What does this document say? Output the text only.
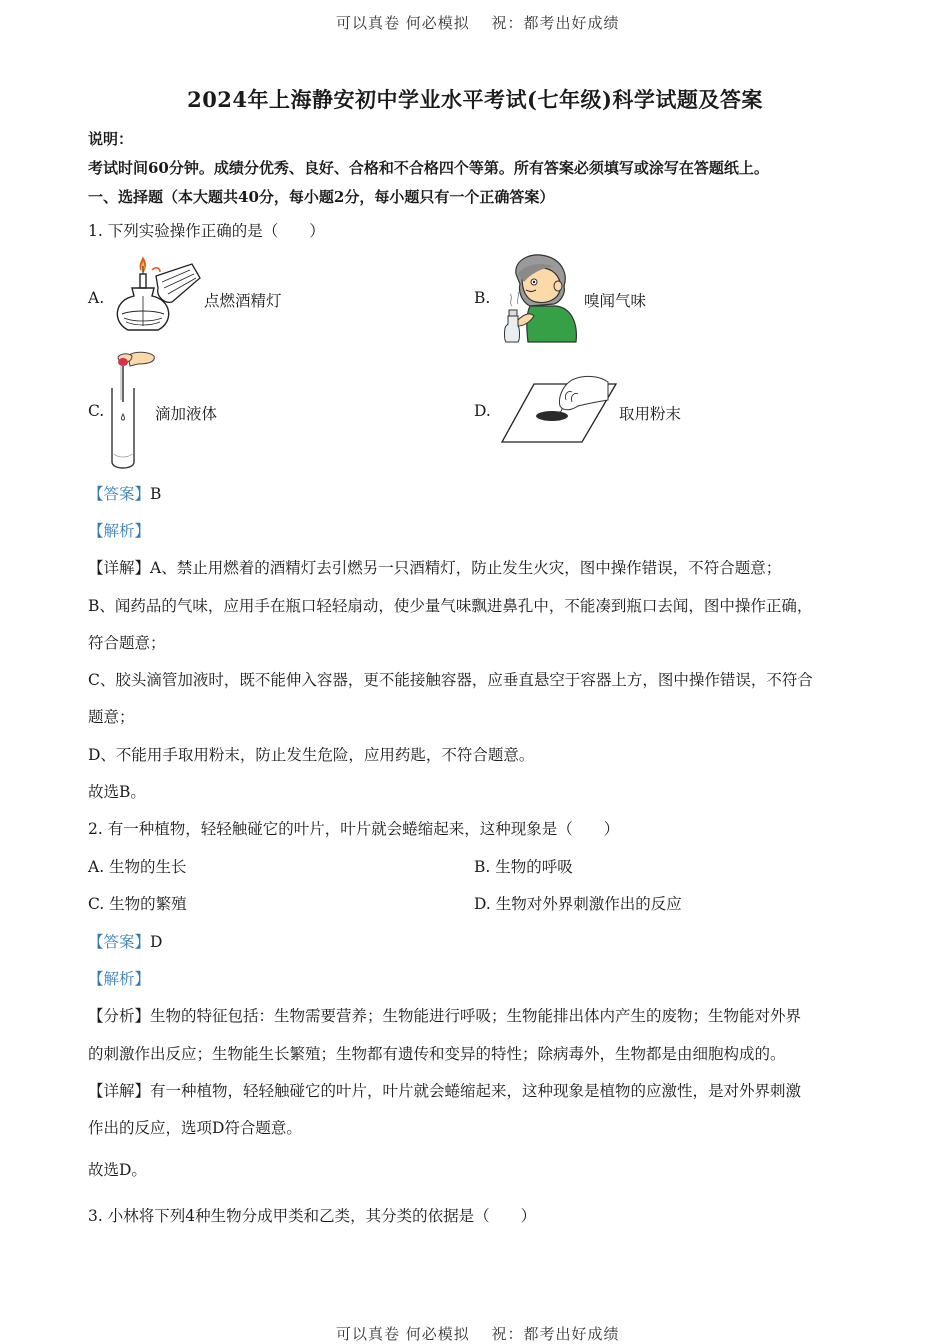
可以真卷 何必模拟　 祝：都考出好成绩
2024年上海静安初中学业水平考试(七年级)科学试题及答案
说明：
考试时间60分钟。成绩分优秀、良好、合格和不合格四个等第。所有答案必须填写或涂写在答题纸上。
一、选择题（本大题共40分，每小题2分，每小题只有一个正确答案）
1. 下列实验操作正确的是（　　）
A.	点燃酒精灯	B.	嗅闻气味
C.	滴加液体	D.	取用粉末
【答案】B
【解析】
【详解】A、禁止用燃着的酒精灯去引燃另一只酒精灯，防止发生火灾，图中操作错误，不符合题意；
B、闻药品的气味，应用手在瓶口轻轻扇动，使少量气味飘进鼻孔中，不能凑到瓶口去闻，图中操作正确，
符合题意；
C、胶头滴管加液时，既不能伸入容器，更不能接触容器，应垂直悬空于容器上方，图中操作错误，不符合
题意；
D、不能用手取用粉末，防止发生危险，应用药匙，不符合题意。
故选B。
2. 有一种植物，轻轻触碰它的叶片，叶片就会蜷缩起来，这种现象是（　　）
A. 生物的生长	B. 生物的呼吸
C. 生物的繁殖	D. 生物对外界刺激作出的反应
【答案】D
【解析】
【分析】生物的特征包括：生物需要营养；生物能进行呼吸；生物能排出体内产生的废物；生物能对外界
的刺激作出反应；生物能生长繁殖；生物都有遗传和变异的特性；除病毒外，生物都是由细胞构成的。
【详解】有一种植物，轻轻触碰它的叶片，叶片就会蜷缩起来，这种现象是植物的应激性，是对外界刺激
作出的反应，选项D符合题意。
故选D。
3. 小林将下列4种生物分成甲类和乙类，其分类的依据是（　　）
可以真卷 何必模拟　 祝：都考出好成绩
